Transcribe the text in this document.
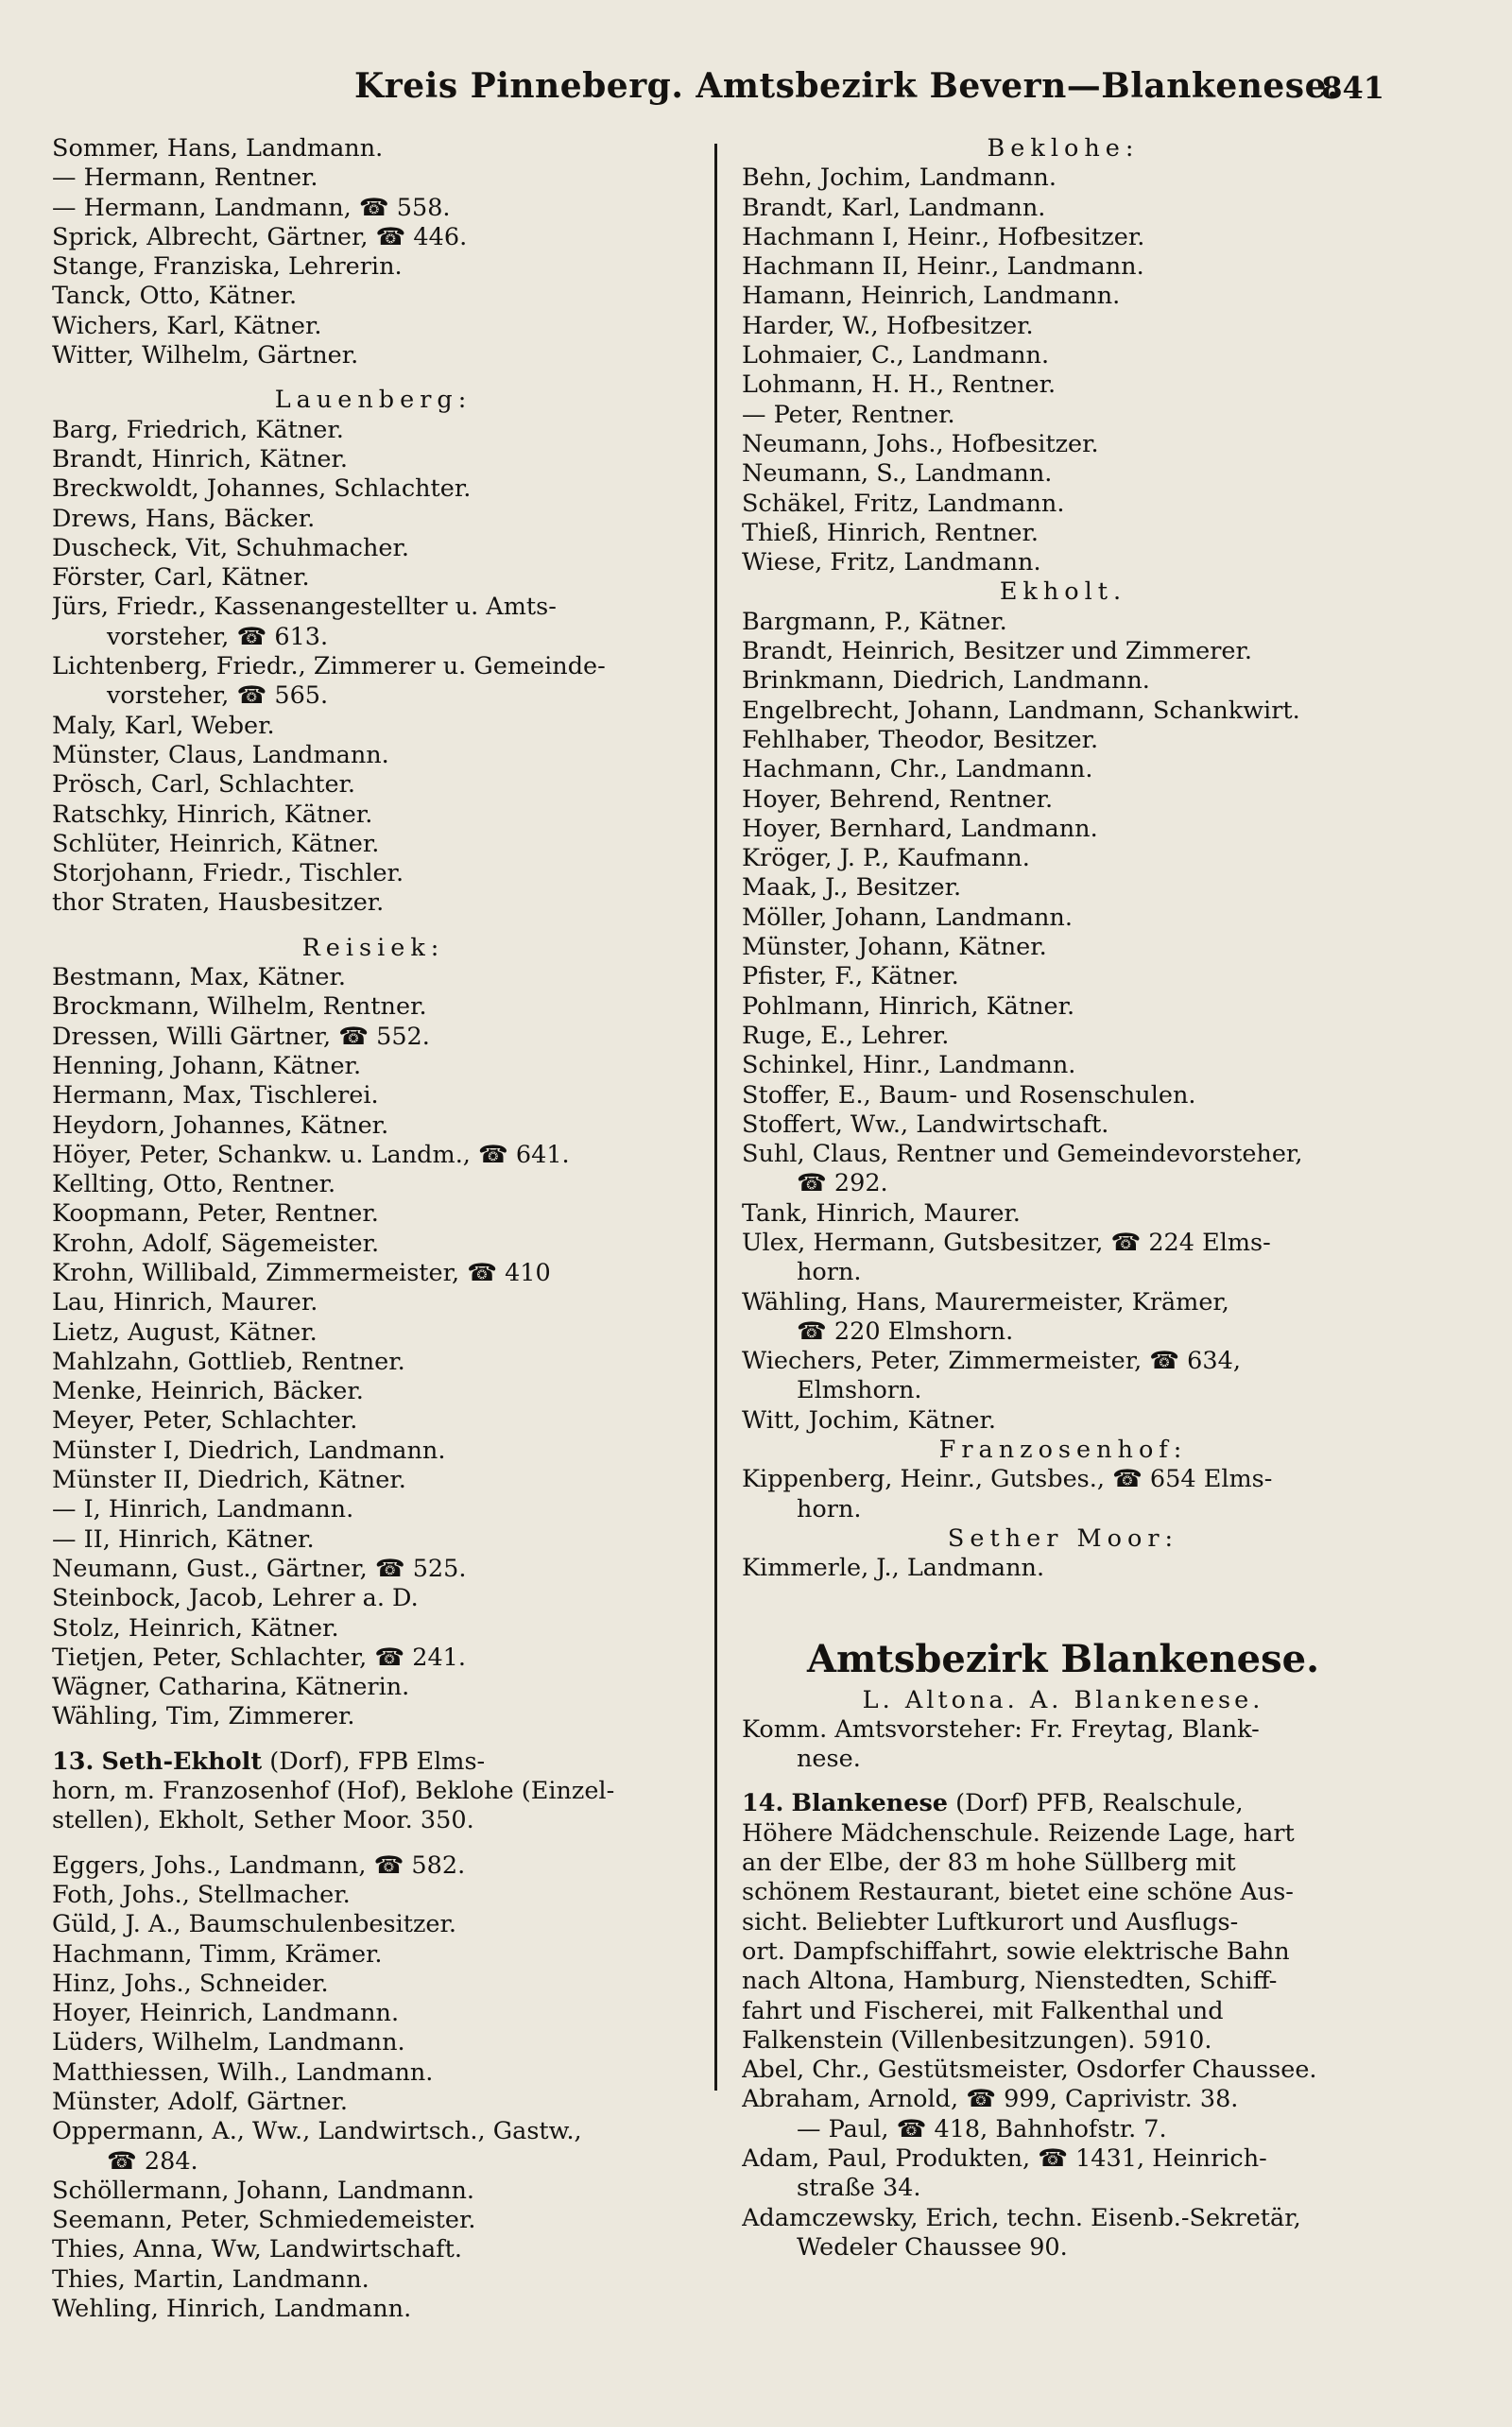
Kreis Pinneberg. Amtsbezirk Bevern—Blankenese.
841
Sommer, Hans, Landmann.
— Hermann, Rentner.
— Hermann, Landmann, ☎ 558.
Sprick, Albrecht, Gärtner, ☎ 446.
Stange, Franziska, Lehrerin.
Tanck, Otto, Kätner.
Wichers, Karl, Kätner.
Witter, Wilhelm, Gärtner.
Lauenberg:
Barg, Friedrich, Kätner.
Brandt, Hinrich, Kätner.
Breckwoldt, Johannes, Schlachter.
Drews, Hans, Bäcker.
Duscheck, Vit, Schuhmacher.
Förster, Carl, Kätner.
Jürs, Friedr., Kassenangestellter u. Amts-
vorsteher, ☎ 613.
Lichtenberg, Friedr., Zimmerer u. Gemeinde-
vorsteher, ☎ 565.
Maly, Karl, Weber.
Münster, Claus, Landmann.
Prösch, Carl, Schlachter.
Ratschky, Hinrich, Kätner.
Schlüter, Heinrich, Kätner.
Storjohann, Friedr., Tischler.
thor Straten, Hausbesitzer.
Reisiek:
Bestmann, Max, Kätner.
Brockmann, Wilhelm, Rentner.
Dressen, Willi Gärtner, ☎ 552.
Henning, Johann, Kätner.
Hermann, Max, Tischlerei.
Heydorn, Johannes, Kätner.
Höyer, Peter, Schankw. u. Landm., ☎ 641.
Kellting, Otto, Rentner.
Koopmann, Peter, Rentner.
Krohn, Adolf, Sägemeister.
Krohn, Willibald, Zimmermeister, ☎ 410
Lau, Hinrich, Maurer.
Lietz, August, Kätner.
Mahlzahn, Gottlieb, Rentner.
Menke, Heinrich, Bäcker.
Meyer, Peter, Schlachter.
Münster I, Diedrich, Landmann.
Münster II, Diedrich, Kätner.
— I, Hinrich, Landmann.
— II, Hinrich, Kätner.
Neumann, Gust., Gärtner, ☎ 525.
Steinbock, Jacob, Lehrer a. D.
Stolz, Heinrich, Kätner.
Tietjen, Peter, Schlachter, ☎ 241.
Wägner, Catharina, Kätnerin.
Wähling, Tim, Zimmerer.
13. Seth-Ekholt (Dorf), FPB Elms-
horn, m. Franzosenhof (Hof), Beklohe (Einzel-
stellen), Ekholt, Sether Moor. 350.
Eggers, Johs., Landmann, ☎ 582.
Foth, Johs., Stellmacher.
Güld, J. A., Baumschulenbesitzer.
Hachmann, Timm, Krämer.
Hinz, Johs., Schneider.
Hoyer, Heinrich, Landmann.
Lüders, Wilhelm, Landmann.
Matthiessen, Wilh., Landmann.
Münster, Adolf, Gärtner.
Oppermann, A., Ww., Landwirtsch., Gastw.,
☎ 284.
Schöllermann, Johann, Landmann.
Seemann, Peter, Schmiedemeister.
Thies, Anna, Ww, Landwirtschaft.
Thies, Martin, Landmann.
Wehling, Hinrich, Landmann.
Beklohe:
Behn, Jochim, Landmann.
Brandt, Karl, Landmann.
Hachmann I, Heinr., Hofbesitzer.
Hachmann II, Heinr., Landmann.
Hamann, Heinrich, Landmann.
Harder, W., Hofbesitzer.
Lohmaier, C., Landmann.
Lohmann, H. H., Rentner.
— Peter, Rentner.
Neumann, Johs., Hofbesitzer.
Neumann, S., Landmann.
Schäkel, Fritz, Landmann.
Thieß, Hinrich, Rentner.
Wiese, Fritz, Landmann.
Ekholt.
Bargmann, P., Kätner.
Brandt, Heinrich, Besitzer und Zimmerer.
Brinkmann, Diedrich, Landmann.
Engelbrecht, Johann, Landmann, Schankwirt.
Fehlhaber, Theodor, Besitzer.
Hachmann, Chr., Landmann.
Hoyer, Behrend, Rentner.
Hoyer, Bernhard, Landmann.
Kröger, J. P., Kaufmann.
Maak, J., Besitzer.
Möller, Johann, Landmann.
Münster, Johann, Kätner.
Pfister, F., Kätner.
Pohlmann, Hinrich, Kätner.
Ruge, E., Lehrer.
Schinkel, Hinr., Landmann.
Stoffer, E., Baum- und Rosenschulen.
Stoffert, Ww., Landwirtschaft.
Suhl, Claus, Rentner und Gemeindevorsteher,
☎ 292.
Tank, Hinrich, Maurer.
Ulex, Hermann, Gutsbesitzer, ☎ 224 Elms-
horn.
Wähling, Hans, Maurermeister, Krämer,
☎ 220 Elmshorn.
Wiechers, Peter, Zimmermeister, ☎ 634,
Elmshorn.
Witt, Jochim, Kätner.
Franzosenhof:
Kippenberg, Heinr., Gutsbes., ☎ 654 Elms-
horn.
Sether Moor:
Kimmerle, J., Landmann.
Amtsbezirk Blankenese.
L. Altona. A. Blankenese.
Komm. Amtsvorsteher: Fr. Freytag, Blank-
nese.
14. Blankenese (Dorf) PFB, Realschule,
Höhere Mädchenschule. Reizende Lage, hart
an der Elbe, der 83 m hohe Süllberg mit
schönem Restaurant, bietet eine schöne Aus-
sicht. Beliebter Luftkurort und Ausflugs-
ort. Dampfschiffahrt, sowie elektrische Bahn
nach Altona, Hamburg, Nienstedten, Schiff-
fahrt und Fischerei, mit Falkenthal und
Falkenstein (Villenbesitzungen). 5910.
Abel, Chr., Gestütsmeister, Osdorfer Chaussee.
Abraham, Arnold, ☎ 999, Caprivistr. 38.
— Paul, ☎ 418, Bahnhofstr. 7.
Adam, Paul, Produkten, ☎ 1431, Heinrich-
straße 34.
Adamczewsky, Erich, techn. Eisenb.-Sekretär,
Wedeler Chaussee 90.
